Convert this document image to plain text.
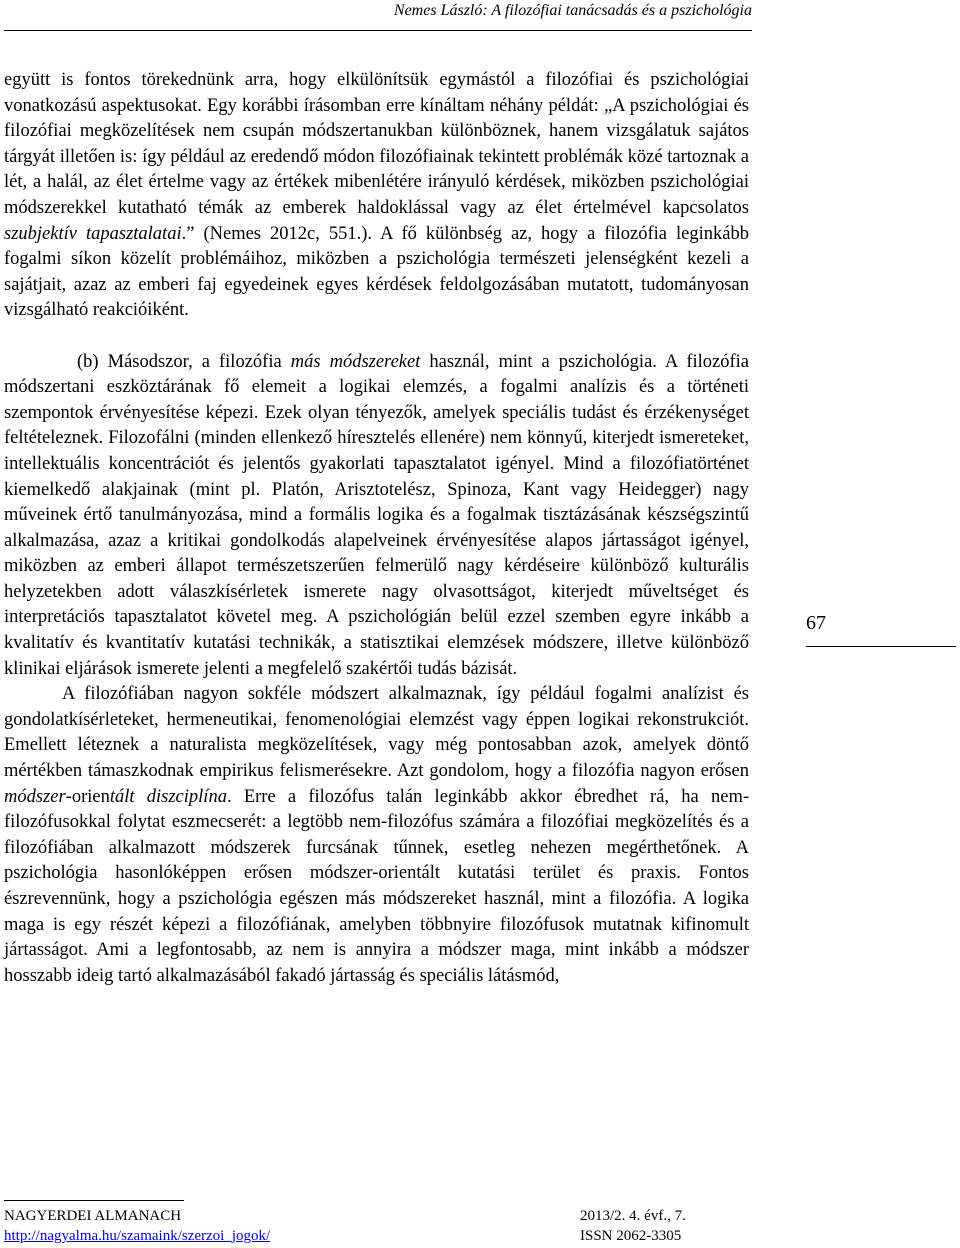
Nemes László: A filozófiai tanácsadás és a pszichológia

együtt is fontos törekednünk arra, hogy elkülönítsük egymástól a filozófiai és pszichológiai vonatkozású aspektusokat. Egy korábbi írásomban erre kínáltam néhány példát: „A pszichológiai és filozófiai megközelítések nem csupán módszertanukban különböznek, hanem vizsgálatuk sajátos tárgyát illetően is: így például az eredendő módon filozófiainak tekintett problémák közé tartoznak a lét, a halál, az élet értelme vagy az értékek mibenlétére irányuló kérdések, miközben pszichológiai módszerekkel kutatható témák az emberek haldoklással vagy az élet értelmével kapcsolatos szubjektív tapasztalatai.” (Nemes 2012c, 551.). A fő különbség az, hogy a filozófia leginkább fogalmi síkon közelít problémáihoz, miközben a pszichológia természeti jelenségként kezeli a sajátjait, azaz az emberi faj egyedeinek egyes kérdések feldolgozásában mutatott, tudományosan vizsgálható reakcióiként.

(b) Másodszor, a filozófia más módszereket használ, mint a pszichológia. A filozófia módszertani eszköztárának fő elemeit a logikai elemzés, a fogalmi analízis és a történeti szempontok érvényesítése képezi. Ezek olyan tényezők, amelyek speciális tudást és érzékenységet feltételeznek. Filozofálni (minden ellenkező híresztelés ellenére) nem könnyű, kiterjedt ismereteket, intellektuális koncentrációt és jelentős gyakorlati tapasztalatot igényel. Mind a filozófiatörténet kiemelkedő alakjainak (mint pl. Platón, Arisztotelész, Spinoza, Kant vagy Heidegger) nagy műveinek értő tanulmányozása, mind a formális logika és a fogalmak tisztázásának készségszintű alkalmazása, azaz a kritikai gondolkodás alapelveinek érvényesítése alapos jártasságot igényel, miközben az emberi állapot természetszerűen felmerülő nagy kérdéseire különböző kulturális helyzetekben adott válaszkísérletek ismerete nagy olvasottságot, kiterjedt műveltséget és interpretációs tapasztalatot követel meg. A pszichológián belül ezzel szemben egyre inkább a kvalitatív és kvantitatív kutatási technikák, a statisztikai elemzések módszere, illetve különböző klinikai eljárások ismerete jelenti a megfelelő szakértői tudás bázisát.

A filozófiában nagyon sokféle módszert alkalmaznak, így például fogalmi analízist és gondolatkísérleteket, hermeneutikai, fenomenológiai elemzést vagy éppen logikai rekonstrukciót. Emellett léteznek a naturalista megközelítések, vagy még pontosabban azok, amelyek döntő mértékben támaszkodnak empirikus felismerésekre. Azt gondolom, hogy a filozófia nagyon erősen módszer-orientált diszciplína. Erre a filozófus talán leginkább akkor ébredhet rá, ha nem-filozófusokkal folytat eszmecserét: a legtöbb nem-filozófus számára a filozófiai megközelítés és a filozófiában alkalmazott módszerek furcsának tűnnek, esetleg nehezen megérthetőnek. A pszichológia hasonlóképpen erősen módszer-orientált kutatási terület és praxis. Fontos észrevennünk, hogy a pszichológia egészen más módszereket használ, mint a filozófia. A logika maga is egy részét képezi a filozófiának, amelyben többnyire filozófusok mutatnak kifinomult jártasságot. Ami a legfontosabb, az nem is annyira a módszer maga, mint inkább a módszer hosszabb ideig tartó alkalmazásából fakadó jártasság és speciális látásmód,

67
NAGYERDEI ALMANACH
http://nagyalma.hu/szamaink/szerzoi_jogok/
2013/2. 4. évf., 7.
ISSN 2062-3305
